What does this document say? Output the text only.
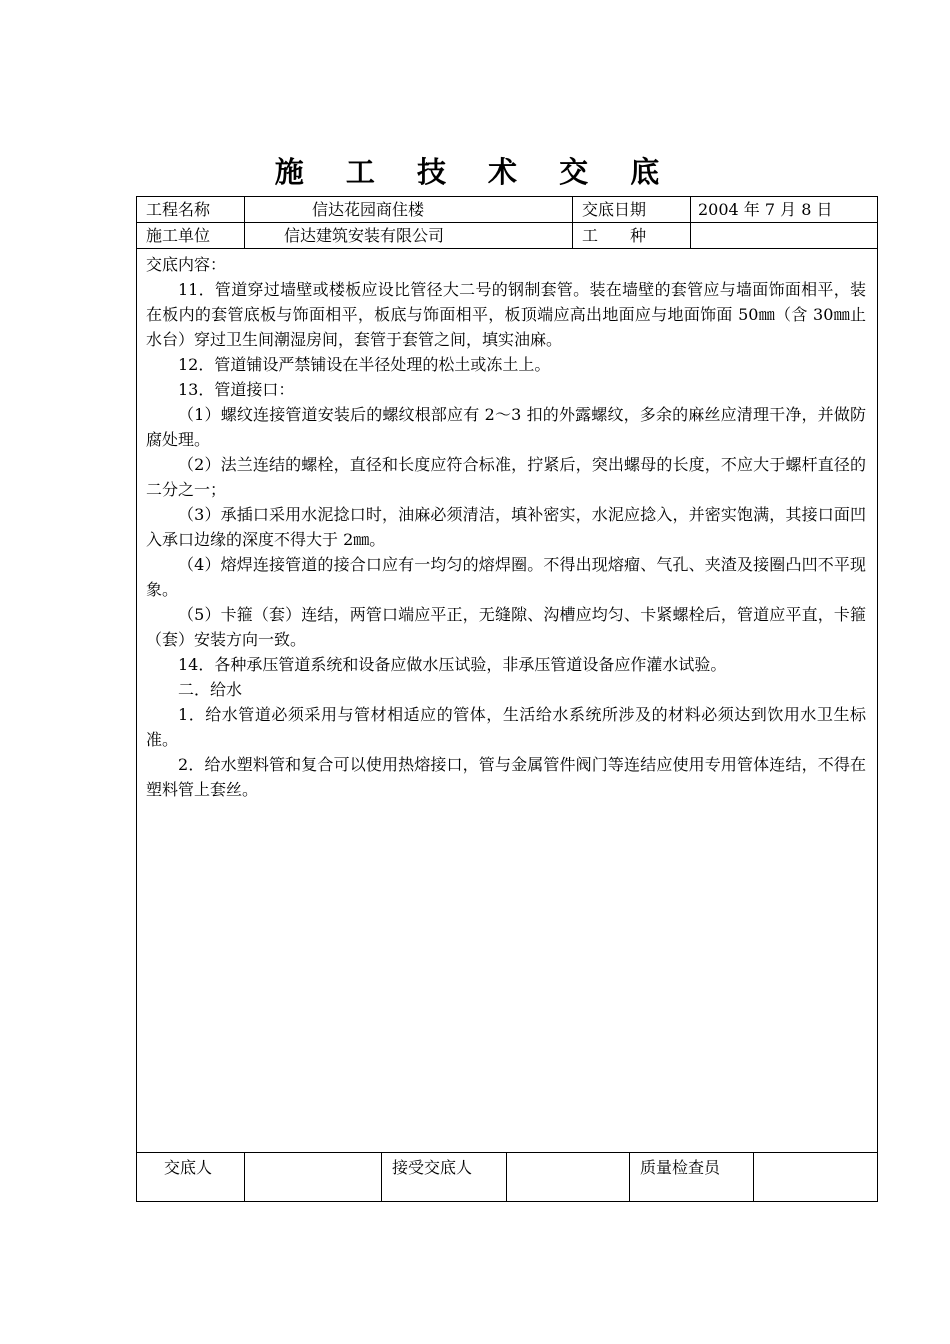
施 工 技 术 交 底
工程名称	信达花园商住楼	交底日期	2004 年 7 月 8 日
施工单位	信达建筑安装有限公司	工　　种

交底内容：

11．管道穿过墙壁或楼板应设比管径大二号的钢制套管。装在墙壁的套管应与墙面饰面相平，装在板内的套管底板与饰面相平，板底与饰面相平，板顶端应高出地面应与地面饰面 50㎜（含 30㎜止水台）穿过卫生间潮湿房间，套管于套管之间，填实油麻。

12．管道铺设严禁铺设在半径处理的松土或冻土上。

13．管道接口：

（1）螺纹连接管道安装后的螺纹根部应有 2～3 扣的外露螺纹，多余的麻丝应清理干净，并做防腐处理。

（2）法兰连结的螺栓，直径和长度应符合标准，拧紧后，突出螺母的长度，不应大于螺杆直径的二分之一；

（3）承插口采用水泥捻口时，油麻必须清洁，填补密实，水泥应捻入，并密实饱满，其接口面凹入承口边缘的深度不得大于 2㎜。

（4）熔焊连接管道的接合口应有一均匀的熔焊圈。不得出现熔瘤、气孔、夹渣及接圈凸凹不平现象。

（5）卡箍（套）连结，两管口端应平正，无缝隙、沟槽应均匀、卡紧螺栓后，管道应平直，卡箍（套）安装方向一致。

14．各种承压管道系统和设备应做水压试验，非承压管道设备应作灌水试验。

二．给水

1．给水管道必须采用与管材相适应的管体，生活给水系统所涉及的材料必须达到饮用水卫生标准。

2．给水塑料管和复合可以使用热熔接口，管与金属管件阀门等连结应使用专用管体连结，不得在塑料管上套丝。

交底人	接受交底人	质量检查员
